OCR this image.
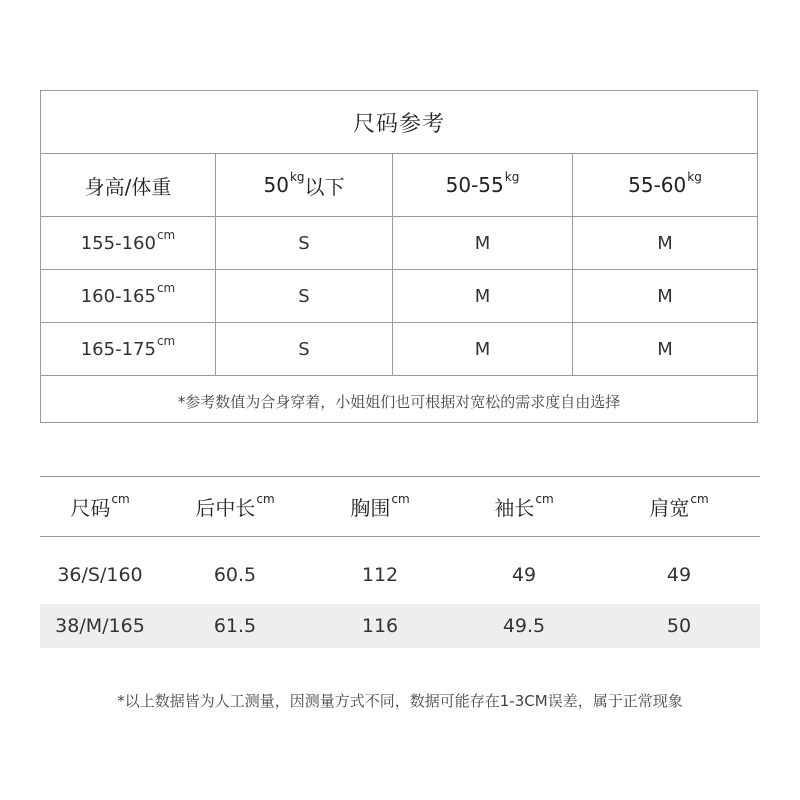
尺码参考
身高/体重	$50^{kg}$ 以下	$50-55^{kg}$	$55-60^{kg}$
$155-160^{cm}$	S	M	M
$160-165^{cm}$	S	M	M
$165-175^{cm}$	S	M	M
*参考数值为合身穿着，小姐姐们也可根据对宽松的需求度自由选择
尺码$^{cm}$	后中长$^{cm}$	胸围$^{cm}$	袖长$^{cm}$	肩宽$^{cm}$
36/S/160	60.5	112	49	49
38/M/165	61.5	116	49.5	50
*以上数据皆为人工测量，因测量方式不同，数据可能存在1-3CM误差，属于正常现象
